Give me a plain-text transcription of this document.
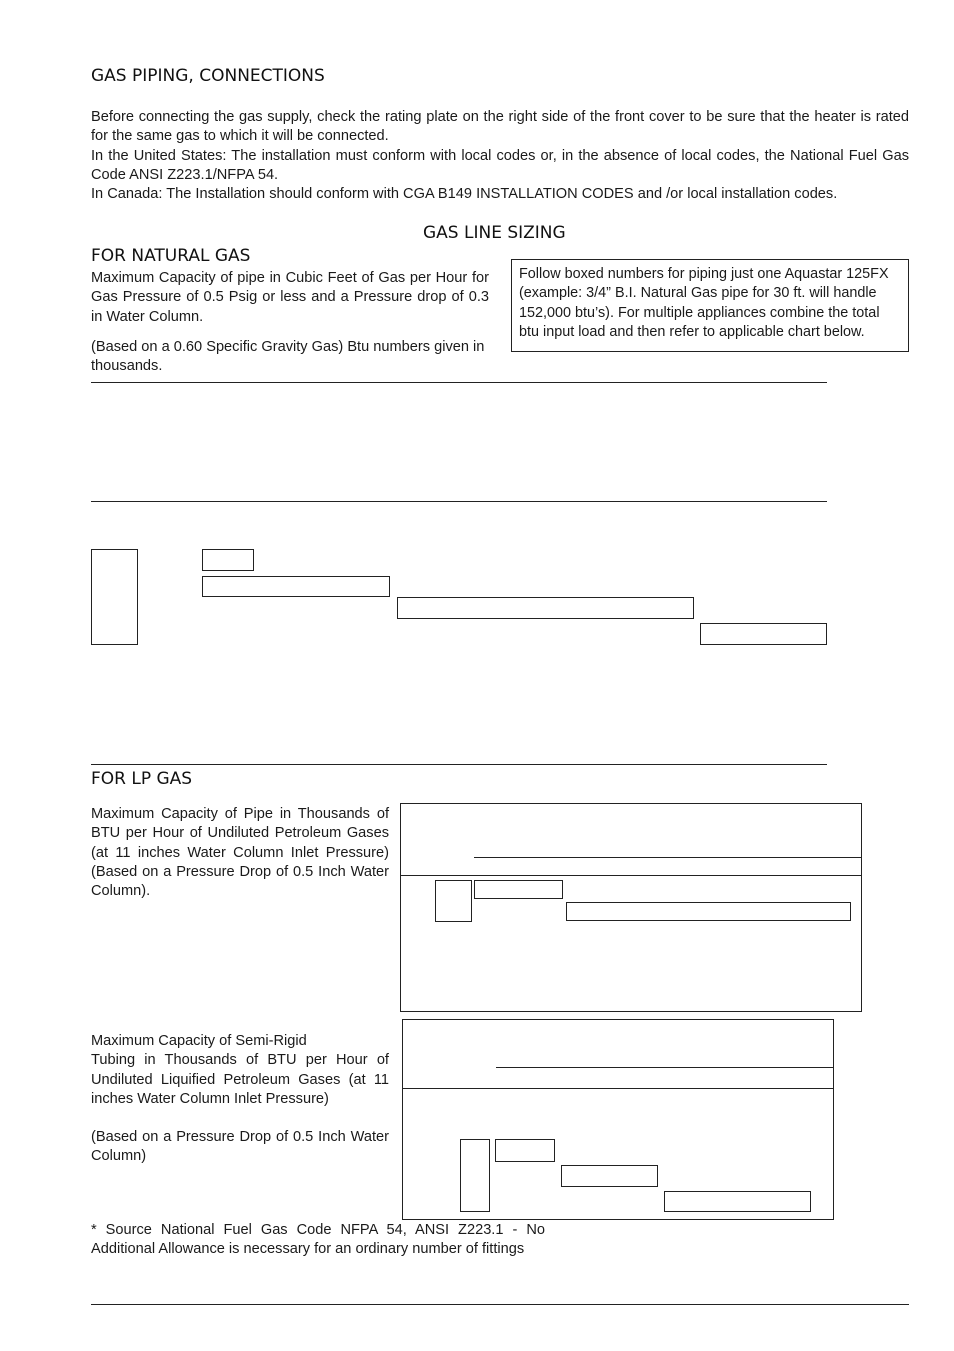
GAS PIPING, CONNECTIONS
Before connecting the gas supply, check the rating plate on the right side of the front cover to be sure that the heater is rated for the same gas to which it will be connected.
In the United States: The installation must conform with local codes or, in the absence of local codes, the National Fuel Gas Code ANSI Z223.1/NFPA 54.
In Canada: The Installation should conform with CGA B149 INSTALLATION CODES and /or local installation codes.
GAS LINE SIZING
FOR NATURAL GAS
Maximum Capacity of pipe in Cubic Feet of Gas per Hour for Gas Pressure of 0.5 Psig or less and a Pressure drop of 0.3 in Water Column.
(Based on a 0.60 Specific Gravity Gas) Btu numbers given in thousands.
Follow boxed numbers for piping just one Aquastar 125FX (example: 3/4” B.I. Natural Gas pipe for 30 ft. will handle 152,000 btu’s). For multiple appliances combine the total btu input load and then refer to applicable chart below.
FOR LP GAS
Maximum Capacity of Pipe in Thousands of BTU per Hour of Undiluted Petroleum Gases (at 11 inches Water Column Inlet Pressure) (Based on a Pressure Drop of 0.5 Inch Water Column).
Maximum Capacity of Semi-Rigid
Tubing in Thousands of BTU per Hour of Undiluted Liquified Petroleum Gases (at 11 inches Water Column Inlet Pressure)
(Based on a Pressure Drop of 0.5 Inch Water Column)
* Source National Fuel Gas Code NFPA 54, ANSI Z223.1 - No Additional Allowance is necessary for an ordinary number of fittings
